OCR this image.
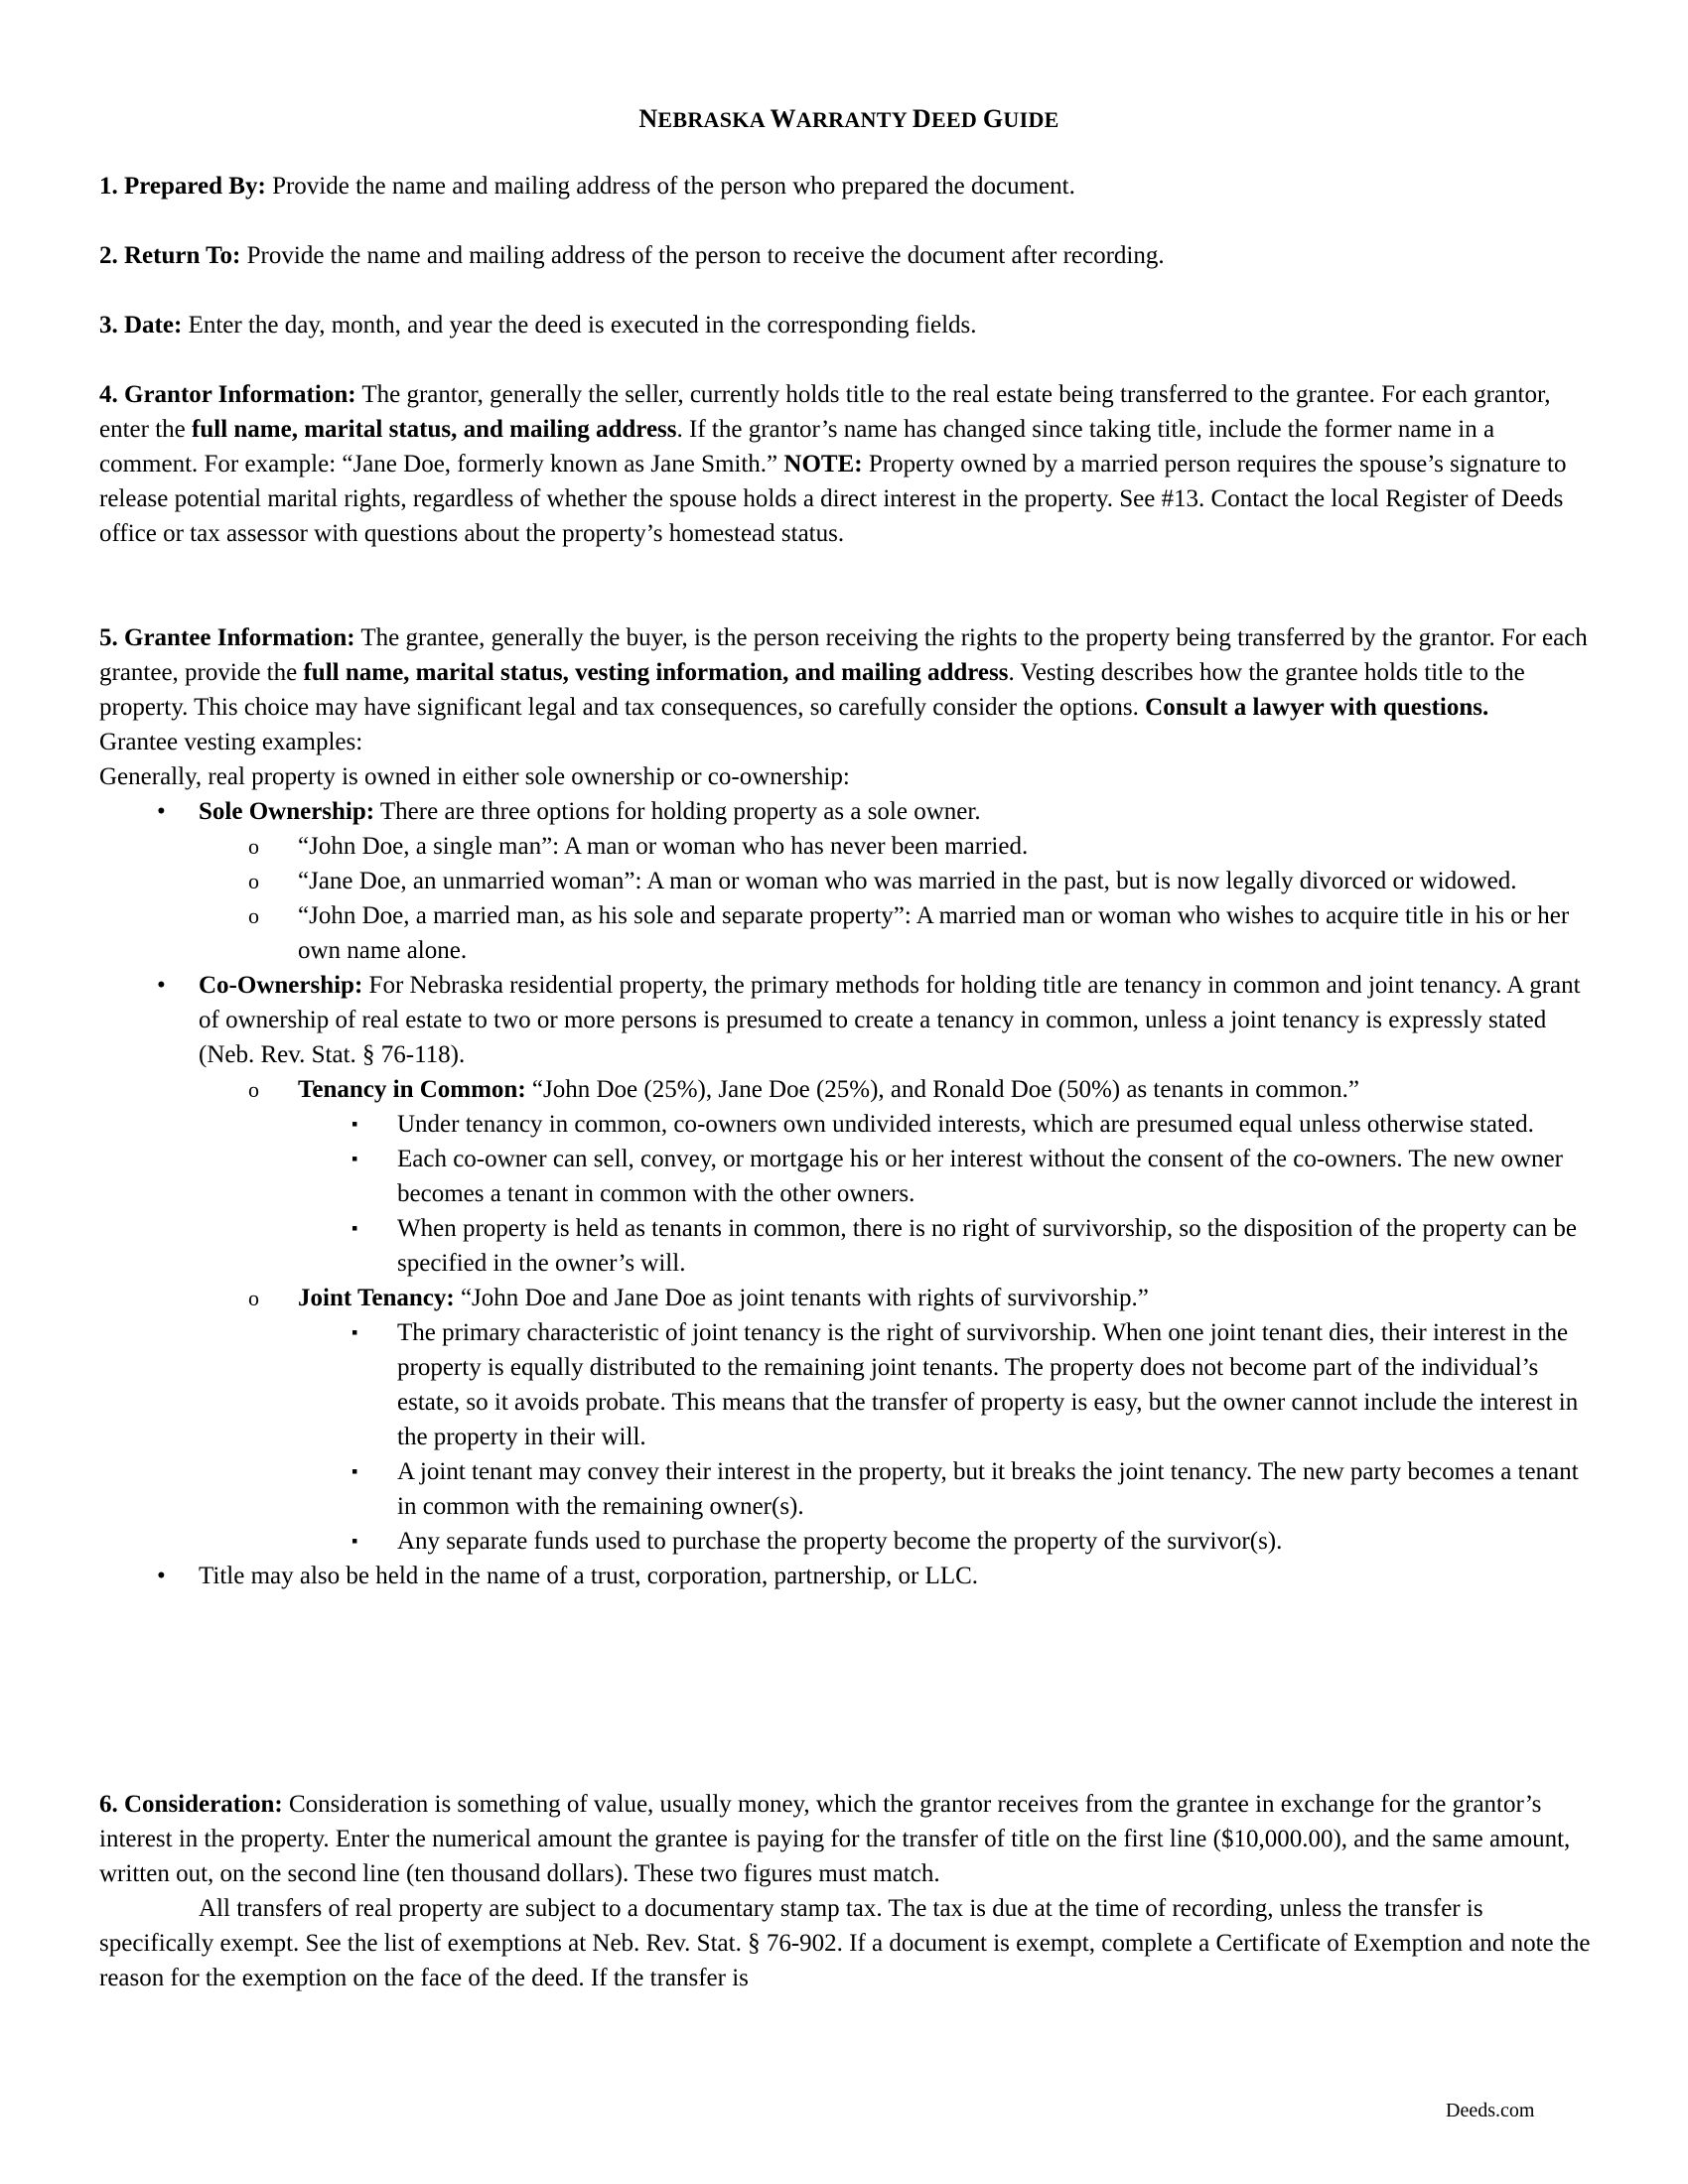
NEBRASKA WARRANTY DEED GUIDE

1. Prepared By: Provide the name and mailing address of the person who prepared the document.

2. Return To: Provide the name and mailing address of the person to receive the document after recording.

3. Date: Enter the day, month, and year the deed is executed in the corresponding fields.

4. Grantor Information: The grantor, generally the seller, currently holds title to the real estate being transferred to the grantee. For each grantor, enter the full name, marital status, and mailing address. If the grantor’s name has changed since taking title, include the former name in a comment. For example: “Jane Doe, formerly known as Jane Smith.” NOTE: Property owned by a married person requires the spouse’s signature to release potential marital rights, regardless of whether the spouse holds a direct interest in the property. See #13. Contact the local Register of Deeds office or tax assessor with questions about the property’s homestead status.

5. Grantee Information: The grantee, generally the buyer, is the person receiving the rights to the property being transferred by the grantor. For each grantee, provide the full name, marital status, vesting information, and mailing address. Vesting describes how the grantee holds title to the property. This choice may have significant legal and tax consequences, so carefully consider the options. Consult a lawyer with questions.

Grantee vesting examples:

Generally, real property is owned in either sole ownership or co-ownership:

• Sole Ownership: There are three options for holding property as a sole owner.
o “John Doe, a single man”: A man or woman who has never been married.
o “Jane Doe, an unmarried woman”: A man or woman who was married in the past, but is now legally divorced or widowed.
o “John Doe, a married man, as his sole and separate property”: A married man or woman who wishes to acquire title in his or her own name alone.
• Co-Ownership: For Nebraska residential property, the primary methods for holding title are tenancy in common and joint tenancy. A grant of ownership of real estate to two or more persons is presumed to create a tenancy in common, unless a joint tenancy is expressly stated (Neb. Rev. Stat. § 76-118).
o Tenancy in Common: “John Doe (25%), Jane Doe (25%), and Ronald Doe (50%) as tenants in common.”
▪ Under tenancy in common, co-owners own undivided interests, which are presumed equal unless otherwise stated.
▪ Each co-owner can sell, convey, or mortgage his or her interest without the consent of the co-owners. The new owner becomes a tenant in common with the other owners.
▪ When property is held as tenants in common, there is no right of survivorship, so the disposition of the property can be specified in the owner’s will.
o Joint Tenancy: “John Doe and Jane Doe as joint tenants with rights of survivorship.”
▪ The primary characteristic of joint tenancy is the right of survivorship. When one joint tenant dies, their interest in the property is equally distributed to the remaining joint tenants. The property does not become part of the individual’s estate, so it avoids probate. This means that the transfer of property is easy, but the owner cannot include the interest in the property in their will.
▪ A joint tenant may convey their interest in the property, but it breaks the joint tenancy. The new party becomes a tenant in common with the remaining owner(s).
▪ Any separate funds used to purchase the property become the property of the survivor(s).
• Title may also be held in the name of a trust, corporation, partnership, or LLC.

6. Consideration: Consideration is something of value, usually money, which the grantor receives from the grantee in exchange for the grantor’s interest in the property. Enter the numerical amount the grantee is paying for the transfer of title on the first line ($10,000.00), and the same amount, written out, on the second line (ten thousand dollars). These two figures must match.

All transfers of real property are subject to a documentary stamp tax. The tax is due at the time of recording, unless the transfer is specifically exempt. See the list of exemptions at Neb. Rev. Stat. § 76-902. If a document is exempt, complete a Certificate of Exemption and note the reason for the exemption on the face of the deed. If the transfer is

Deeds.com
